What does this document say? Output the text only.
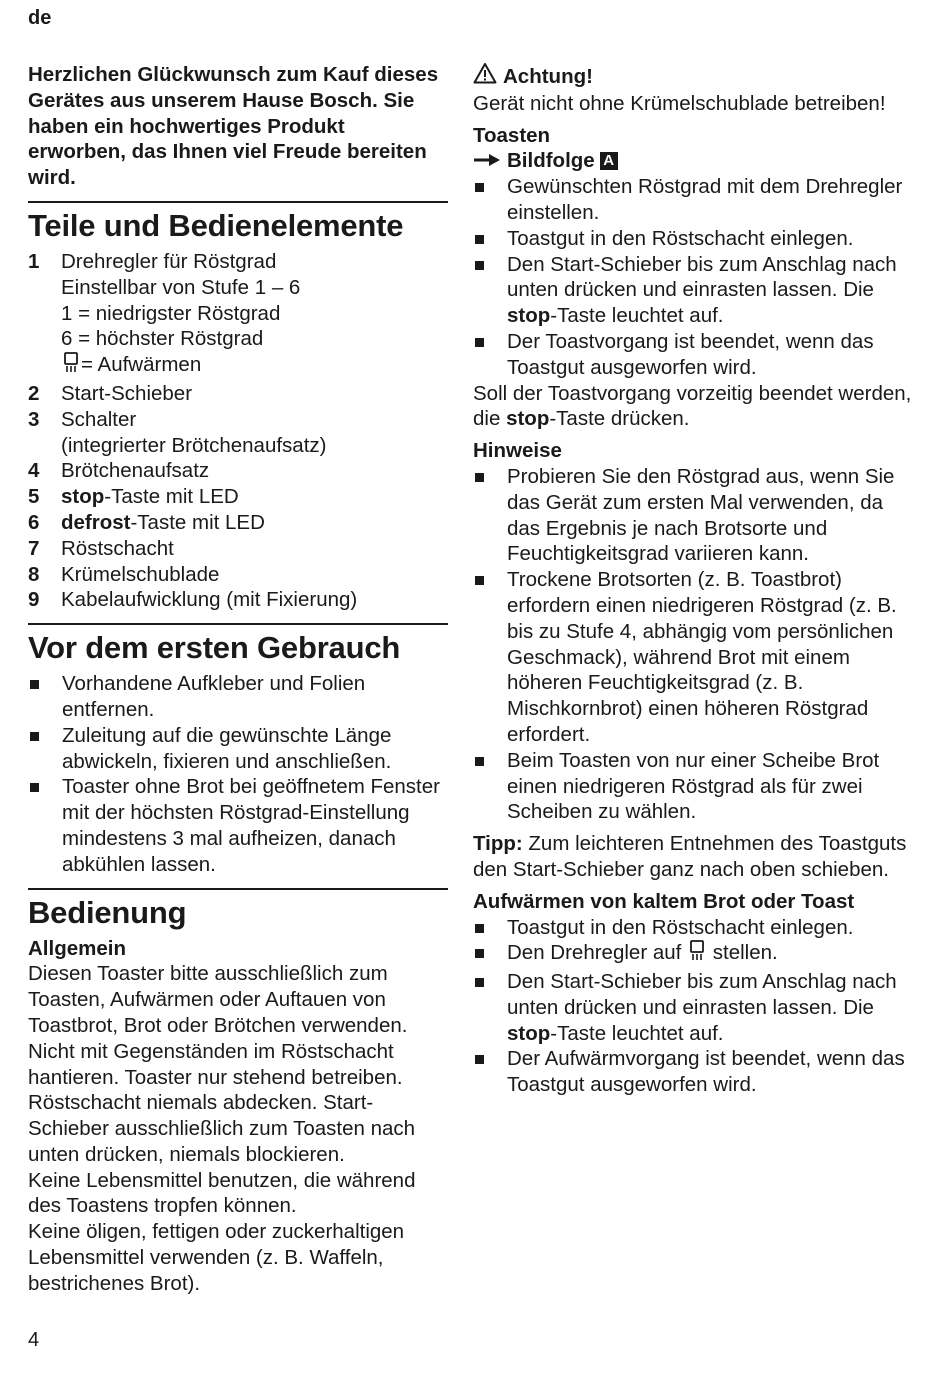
de

Herzlichen Glückwunsch zum Kauf dieses Gerätes aus unserem Hause Bosch. Sie haben ein hochwertiges Produkt erworben, das Ihnen viel Freude bereiten wird.

Teile und Bedienelemente
1	Drehregler für Röstgrad
Einstellbar von Stufe 1 – 6
1 = niedrigster Röstgrad
6 = höchster Röstgrad
= Aufwärmen
2	Start-Schieber
3	Schalter
(integrierter Brötchenaufsatz)
4	Brötchenaufsatz
5	stop-Taste mit LED
6	defrost-Taste mit LED
7	Röstschacht
8	Krümelschublade
9	Kabelaufwicklung (mit Fixierung)
Vor dem ersten Gebrauch
Vorhandene Aufkleber und Folien entfernen.
Zuleitung auf die gewünschte Länge abwickeln, fixieren und anschließen.
Toaster ohne Brot bei geöffnetem Fenster mit der höchsten Röstgrad-Einstellung mindestens 3 mal aufheizen, danach abkühlen lassen.
Bedienung

Allgemein

Diesen Toaster bitte ausschließlich zum Toasten, Aufwärmen oder Auftauen von Toastbrot, Brot oder Brötchen verwenden. Nicht mit Gegenständen im Röstschacht hantieren. Toaster nur stehend betreiben. Röstschacht niemals abdecken. Start-Schieber ausschließlich zum Toasten nach unten drücken, niemals blockieren.

Keine Lebensmittel benutzen, die während des Toastens tropfen können.

Keine öligen, fettigen oder zuckerhaltigen Lebensmittel verwenden (z. B. Waffeln, bestrichenes Brot).

Achtung!

Gerät nicht ohne Krümelschublade betreiben!

Toasten

Bildfolge A
Gewünschten Röstgrad mit dem Drehregler einstellen.
Toastgut in den Röstschacht einlegen.
Den Start-Schieber bis zum Anschlag nach unten drücken und einrasten lassen. Die stop-Taste leuchtet auf.
Der Toastvorgang ist beendet, wenn das Toastgut ausgeworfen wird.

Soll der Toastvorgang vorzeitig beendet werden, die stop-Taste drücken.

Hinweise

Probieren Sie den Röstgrad aus, wenn Sie das Gerät zum ersten Mal verwenden, da das Ergebnis je nach Brotsorte und Feuchtigkeitsgrad variieren kann.
Trockene Brotsorten (z. B. Toastbrot) erfordern einen niedrigeren Röstgrad (z. B. bis zu Stufe 4, abhängig vom persönlichen Geschmack), während Brot mit einem höheren Feuchtigkeitsgrad (z. B. Mischkornbrot) einen höheren Röstgrad erfordert.
Beim Toasten von nur einer Scheibe Brot einen niedrigeren Röstgrad als für zwei Scheiben zu wählen.

Tipp: Zum leichteren Entnehmen des Toastguts den Start-Schieber ganz nach oben schieben.

Aufwärmen von kaltem Brot oder Toast

Toastgut in den Röstschacht einlegen.
Den Drehregler auf  stellen.
Den Start-Schieber bis zum Anschlag nach unten drücken und einrasten lassen. Die stop-Taste leuchtet auf.
Der Aufwärmvorgang ist beendet, wenn das Toastgut ausgeworfen wird.
4
